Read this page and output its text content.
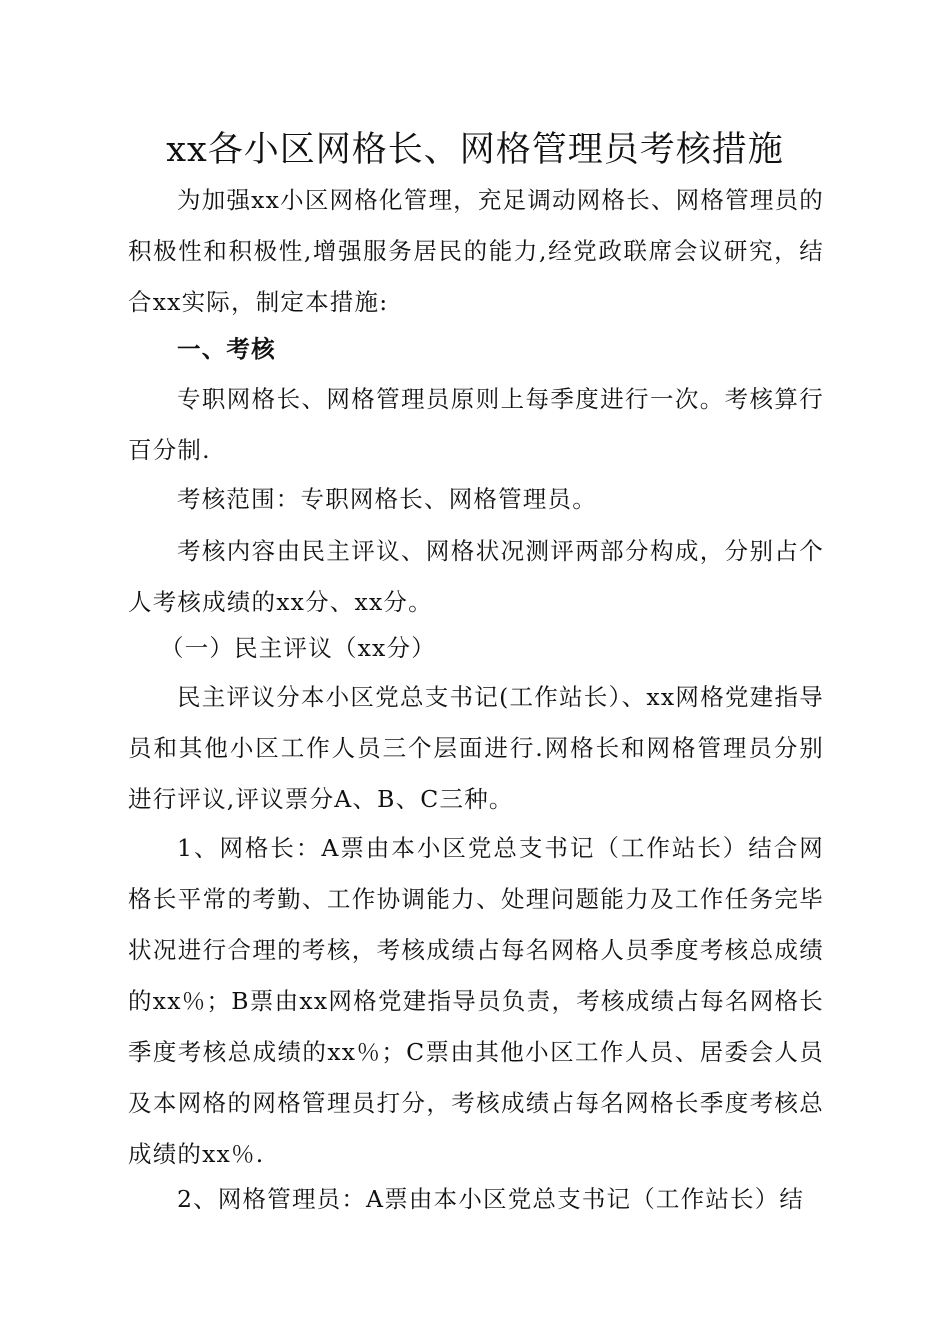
xx各小区网格长、网格管理员考核措施

为加强xx小区网格化管理，充足调动网格长、网格管理员的积极性和积极性,增强服务居民的能力,经党政联席会议研究，结合xx实际，制定本措施:

一、考核

专职网格长、网格管理员原则上每季度进行一次。考核算行百分制.

考核范围：专职网格长、网格管理员。

考核内容由民主评议、网格状况测评两部分构成，分别占个人考核成绩的xx分、xx分。

（一）民主评议（xx分）

民主评议分本小区党总支书记(工作站长）、xx网格党建指导员和其他小区工作人员三个层面进行.网格长和网格管理员分别进行评议,评议票分A、B、C三种。

1、网格长：A票由本小区党总支书记（工作站长）结合网格长平常的考勤、工作协调能力、处理问题能力及工作任务完毕状况进行合理的考核，考核成绩占每名网格人员季度考核总成绩的xx％；B票由xx网格党建指导员负责，考核成绩占每名网格长季度考核总成绩的xx％；C票由其他小区工作人员、居委会人员及本网格的网格管理员打分，考核成绩占每名网格长季度考核总成绩的xx％.

2、网格管理员：A票由本小区党总支书记（工作站长）结
